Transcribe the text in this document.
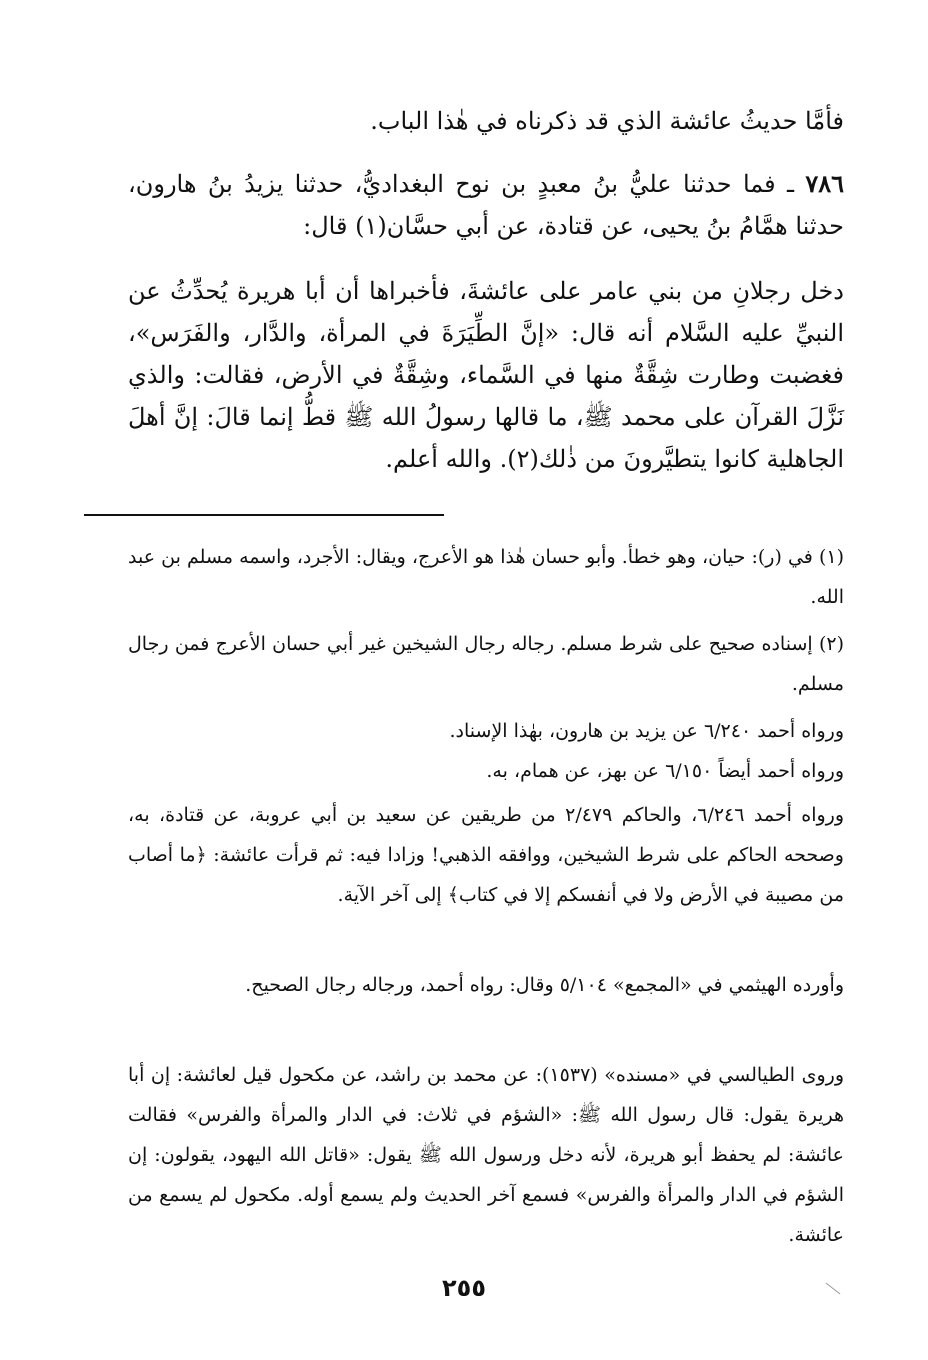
فأمَّا حديثُ عائشة الذي قد ذكرناه في هٰذا الباب.

٧٨٦ ـ فما حدثنا عليُّ بنُ معبدٍ بن نوح البغداديُّ، حدثنا يزيدُ بنُ هارون، حدثنا همَّامُ بنُ يحيى، عن قتادة، عن أبي حسَّان(١) قال:

دخل رجلانِ من بني عامر على عائشةَ، فأخبراها أن أبا هريرة يُحدِّثُ عن النبيِّ عليه السَّلام أنه قال: «إنَّ الطِّيَرَةَ في المرأة، والدَّار، والفَرَس»، فغضبت وطارت شِقَّةٌ منها في السَّماء، وشِقَّةٌ في الأرض، فقالت: والذي نَزَّلَ القرآن على محمد ﷺ، ما قالها رسولُ الله ﷺ قطُّ إنما قالَ: إنَّ أهلَ الجاهلية كانوا يتطيَّرونَ من ذٰلك(٢). والله أعلم.

(١) في (ر): حيان، وهو خطأ. وأبو حسان هٰذا هو الأعرج، ويقال: الأجرد، واسمه مسلم بن عبد الله.

(٢) إسناده صحيح على شرط مسلم. رجاله رجال الشيخين غير أبي حسان الأعرج فمن رجال مسلم.

ورواه أحمد ٦/٢٤٠ عن يزيد بن هارون، بهٰذا الإسناد.

ورواه أحمد أيضاً ٦/١٥٠ عن بهز، عن همام، به.

ورواه أحمد ٦/٢٤٦، والحاكم ٢/٤٧٩ من طريقين عن سعيد بن أبي عروبة، عن قتادة، به، وصححه الحاكم على شرط الشيخين، ووافقه الذهبي! وزادا فيه: ثم قرأت عائشة: ﴿ما أصاب من مصيبة في الأرض ولا في أنفسكم إلا في كتاب﴾ إلى آخر الآية.

وأورده الهيثمي في «المجمع» ٥/١٠٤ وقال: رواه أحمد، ورجاله رجال الصحيح.

وروى الطيالسي في «مسنده» (١٥٣٧): عن محمد بن راشد، عن مكحول قيل لعائشة: إن أبا هريرة يقول: قال رسول الله ﷺ: «الشؤم في ثلاث: في الدار والمرأة والفرس» فقالت عائشة: لم يحفظ أبو هريرة، لأنه دخل ورسول الله ﷺ يقول: «قاتل الله اليهود، يقولون: إن الشؤم في الدار والمرأة والفرس» فسمع آخر الحديث ولم يسمع أوله. مكحول لم يسمع من عائشة.

٢٥٥
